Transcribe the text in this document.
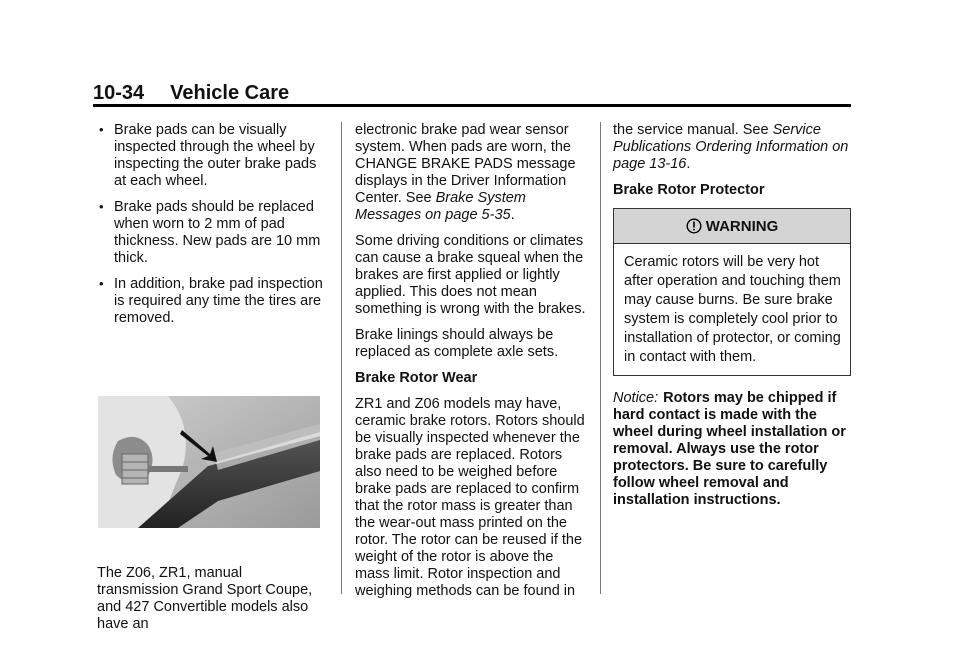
10-34 Vehicle Care
• Brake pads can be visually inspected through the wheel by inspecting the outer brake pads at each wheel.
• Brake pads should be replaced when worn to 2 mm of pad thickness. New pads are 10 mm thick.
• In addition, brake pad inspection is required any time the tires are removed.

The Z06, ZR1, manual transmission Grand Sport Coupe, and 427 Convertible models also have an

electronic brake pad wear sensor system. When pads are worn, the CHANGE BRAKE PADS message displays in the Driver Information Center. See Brake System Messages on page 5-35.

Some driving conditions or climates can cause a brake squeal when the brakes are first applied or lightly applied. This does not mean something is wrong with the brakes.

Brake linings should always be replaced as complete axle sets.

Brake Rotor Wear

ZR1 and Z06 models may have, ceramic brake rotors. Rotors should be visually inspected whenever the brake pads are replaced. Rotors also need to be weighed before brake pads are replaced to confirm that the rotor mass is greater than the wear-out mass printed on the rotor. The rotor can be reused if the weight of the rotor is above the mass limit. Rotor inspection and weighing methods can be found in

the service manual. See Service Publications Ordering Information on page 13-16.

Brake Rotor Protector
WARNING
Ceramic rotors will be very hot after operation and touching them may cause burns. Be sure brake system is completely cool prior to installation of protector, or coming in contact with them.

Notice: Rotors may be chipped if hard contact is made with the wheel during wheel installation or removal. Always use the rotor protectors. Be sure to carefully follow wheel removal and installation instructions.
